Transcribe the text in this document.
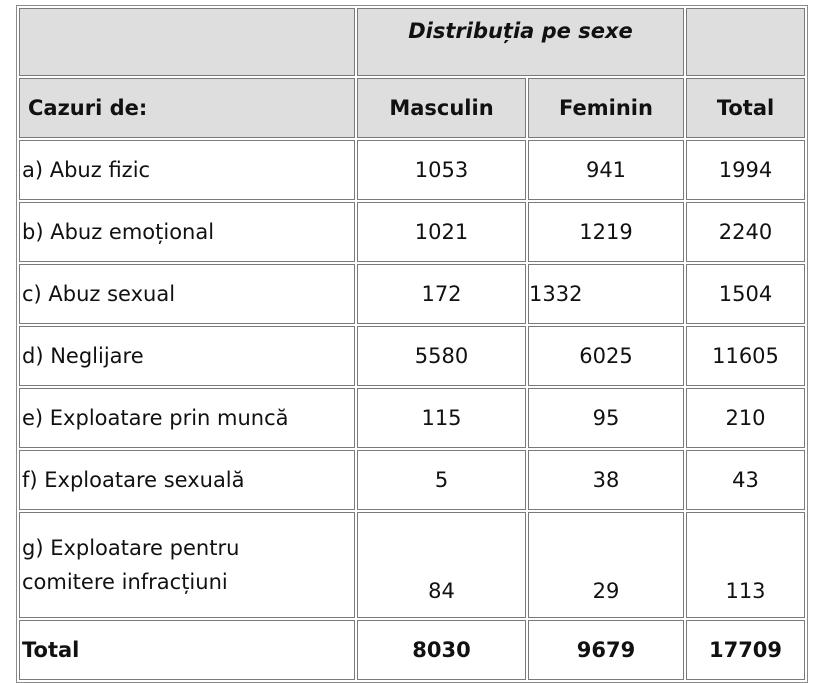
	Distribuția pe sexe		
Cazuri de:	Masculin	Feminin	Total
a) Abuz fizic	1053	941	1994
b) Abuz emoțional	1021	1219	2240
c) Abuz sexual	172	1332	1504
d) Neglijare	5580	6025	11605
e) Exploatare prin muncă	115	95	210
f) Exploatare sexuală	5	38	43

g) Exploatare pentru
comitere infracțiuni	84	29	113
Total	8030	9679	17709
